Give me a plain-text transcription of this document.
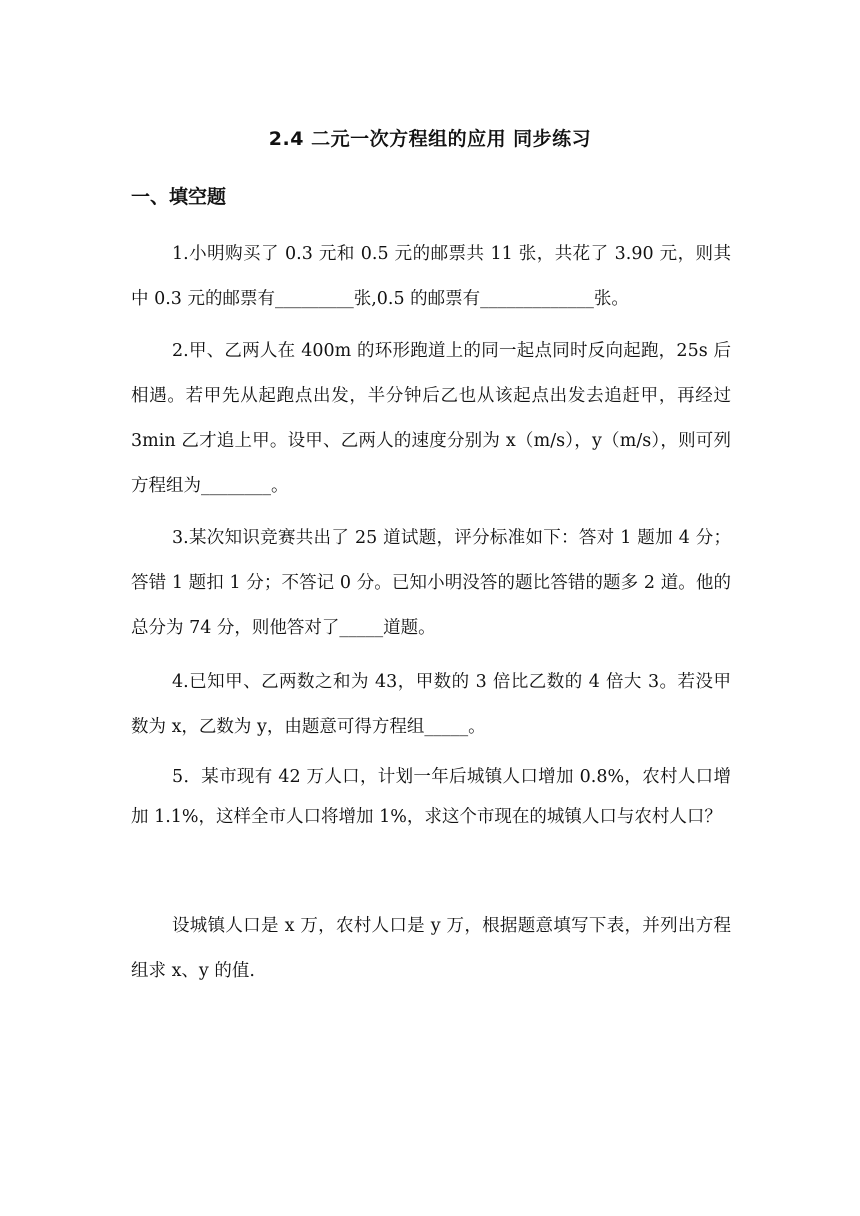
2.4 二元一次方程组的应用 同步练习
一、填空题

1.小明购买了 0.3 元和 0.5 元的邮票共 11 张，共花了 3.90 元，则其中 0.3 元的邮票有_________张,0.5 的邮票有_____________张。

2.甲、乙两人在 400m 的环形跑道上的同一起点同时反向起跑，25s 后相遇。若甲先从起跑点出发，半分钟后乙也从该起点出发去追赶甲，再经过 3min 乙才追上甲。设甲、乙两人的速度分别为 x（m/s），y（m/s），则可列方程组为________。

3.某次知识竞赛共出了 25 道试题，评分标准如下：答对 1 题加 4 分；答错 1 题扣 1 分；不答记 0 分。已知小明没答的题比答错的题多 2 道。他的总分为 74 分，则他答对了_____道题。

4.已知甲、乙两数之和为 43，甲数的 3 倍比乙数的 4 倍大 3。若没甲数为 x，乙数为 y，由题意可得方程组_____。

5．某市现有 42 万人口，计划一年后城镇人口增加 0.8%，农村人口增加 1.1%，这样全市人口将增加 1%，求这个市现在的城镇人口与农村人口？

设城镇人口是 x 万，农村人口是 y 万，根据题意填写下表，并列出方程组求 x、y 的值.
